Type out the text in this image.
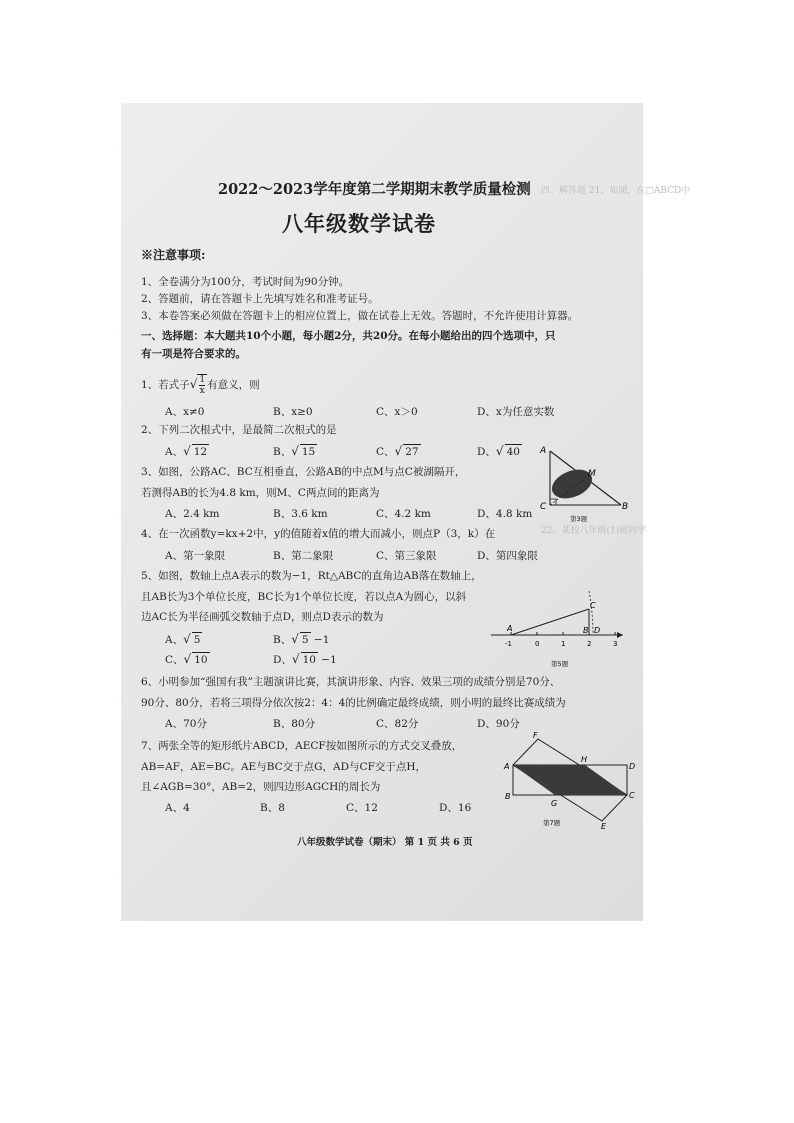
四、解答题 21、如图，在□ABCD中
22、某校八年级(1)班同学
2022～2023学年度第二学期期末教学质量检测
八年级数学试卷
※注意事项:
1、全卷满分为100分，考试时间为90分钟。
2、答题前，请在答题卡上先填写姓名和准考证号。
3、本卷答案必须做在答题卡上的相应位置上，做在试卷上无效。答题时，不允许使用计算器。
一、选择题：本大题共10个小题，每小题2分，共20分。在每小题给出的四个选项中，只
有一项是符合要求的。
1、若式子√ $\frac{1}{x}$ 有意义，则
A、x≠0	B、x≥0	C、x＞0	D、x为任意实数
2、下列二次根式中，是最简二次根式的是
A、√ 12	B、√ 15	C、√ 27	D、√ 40
3、如图，公路AC、BC互相垂直，公路AB的中点M与点C被湖隔开，
若测得AB的长为4.8 km，则M、C两点间的距离为
A、2.4 km	B、3.6 km	C、4.2 km	D、4.8 km
A
M
C	B
第3题
4、在一次函数y=kx+2中，y的值随着x值的增大而减小，则点P（3，k）在
A、第一象限	B、第二象限	C、第三象限	D、第四象限
5、如图，数轴上点A表示的数为−1，Rt△ABC的直角边AB落在数轴上，
且AB长为3个单位长度，BC长为1个单位长度，若以点A为圆心，以斜
边AC长为半径画弧交数轴于点D，则点D表示的数为
A、√ 5	B、√ 5 −1
C、√ 10	D、√ 10 −1
A
C
B D
-1	0	1	2	3
第5题
6、小明参加“强国有我”主题演讲比赛，其演讲形象、内容、效果三项的成绩分别是70分、
90分、80分，若将三项得分依次按2：4：4的比例确定最终成绩，则小明的最终比赛成绩为
A、70分	B、80分	C、82分	D、90分
7、两张全等的矩形纸片ABCD，AECF按如图所示的方式交叉叠放，
AB=AF，AE=BC。AE与BC交于点G，AD与CF交于点H，
且∠AGB=30°，AB=2，则四边形AGCH的周长为
A、4	B、8	C、12	D、16
F
A
H
D
B
G
C
E
第7题
八年级数学试卷（期末） 第 1 页 共 6 页
